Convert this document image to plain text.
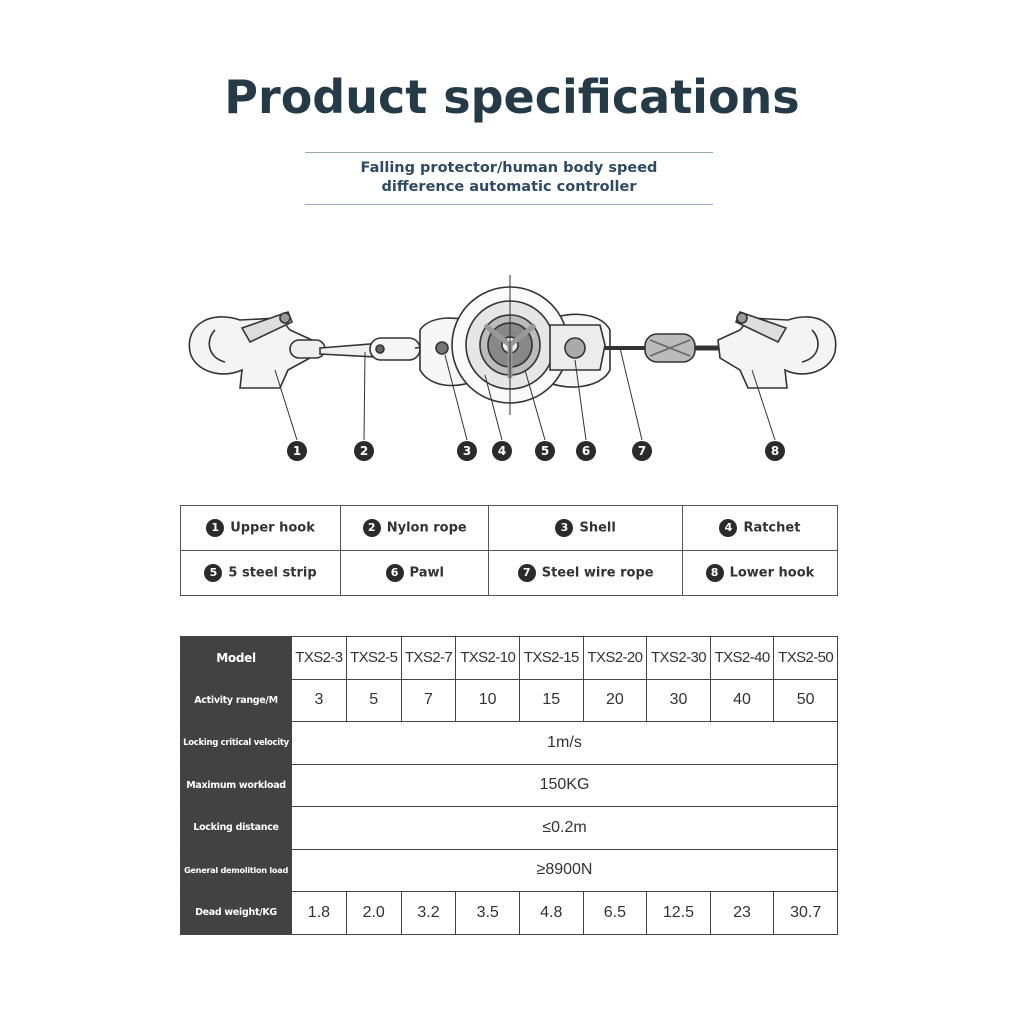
Product specifications
Falling protector/human body speed
difference automatic controller
1	2	3	4	5	6	7	8
1 Upper hook	2 Nylon rope	3 Shell	4 Ratchet
5 5 steel strip	6 Pawl	7 Steel wire rope	8 Lower hook
Model	TXS2-3	TXS2-5	TXS2-7	TXS2-10	TXS2-15	TXS2-20	TXS2-30	TXS2-40	TXS2-50
Activity range/M	3	5	7	10	15	20	30	40	50
Locking critical velocity	1m/s								
Maximum workload	150KG								
Locking distance	≤0.2m								
General demolition load	≥8900N								
Dead weight/KG	1.8	2.0	3.2	3.5	4.8	6.5	12.5	23	30.7
